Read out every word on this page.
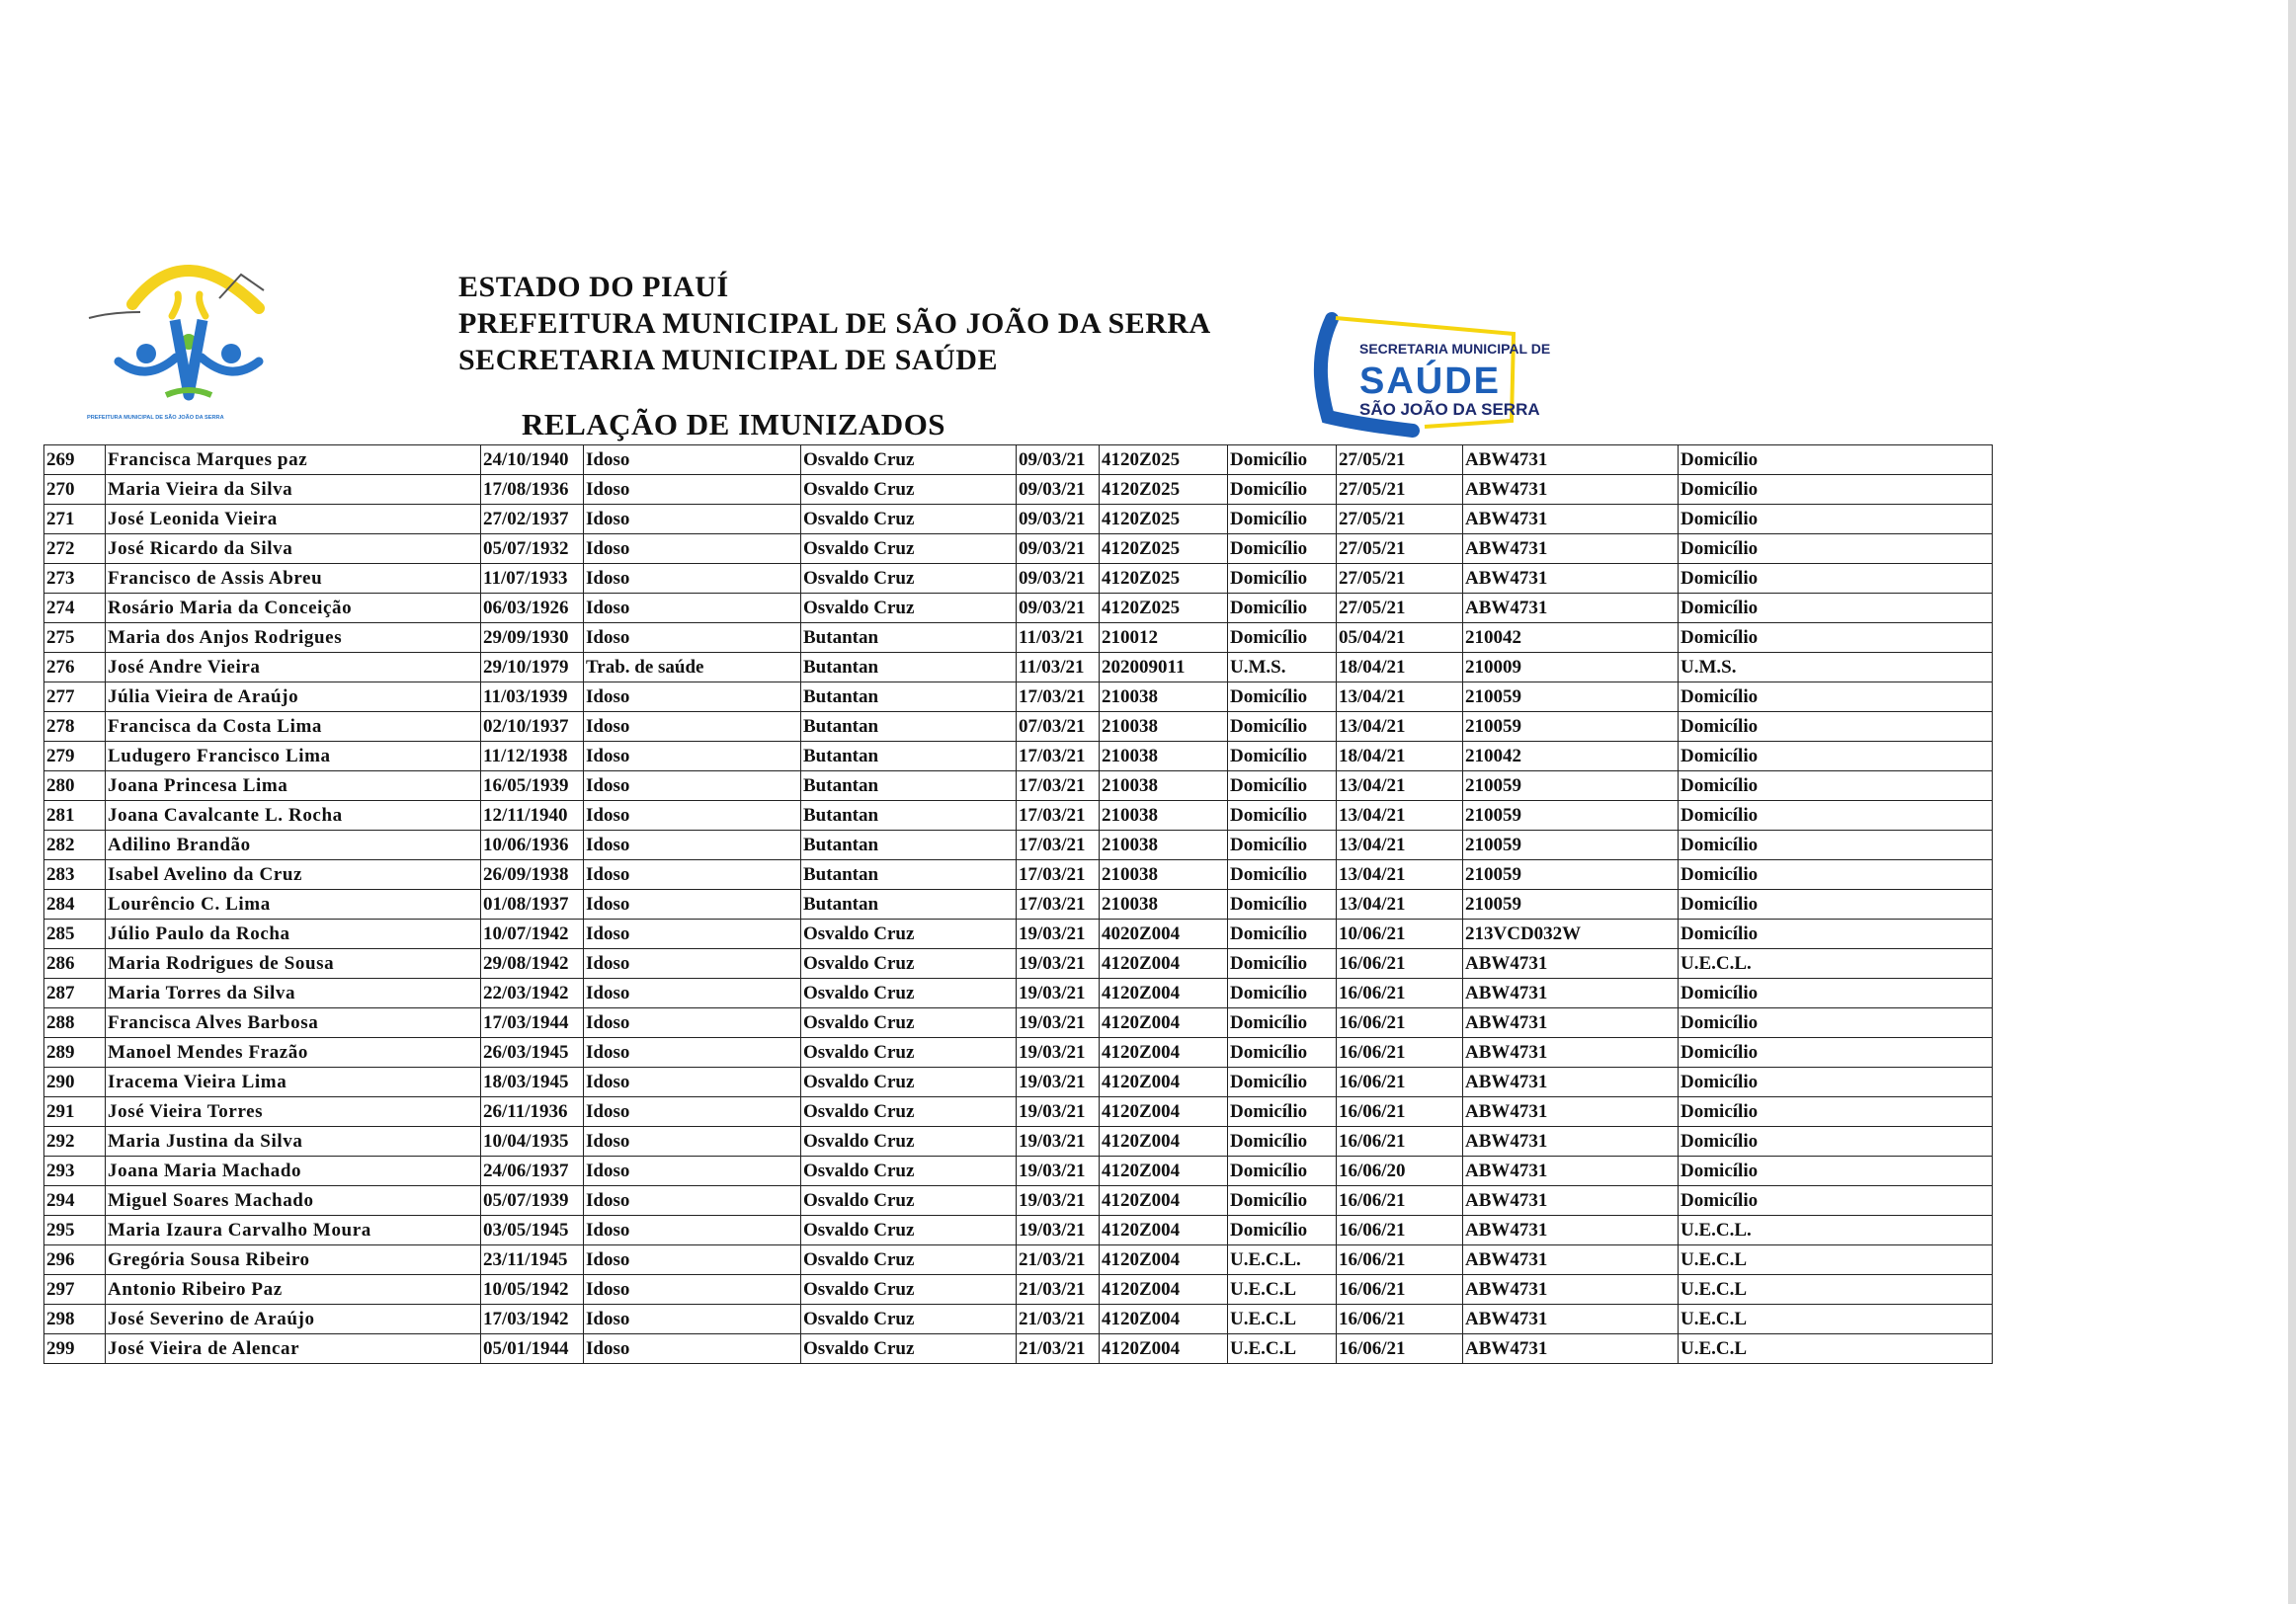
PREFEITURA MUNICIPAL DE SÃO JOÃO DA SERRA
ESTADO DO PIAUÍ
PREFEITURA MUNICIPAL DE SÃO JOÃO DA SERRA
SECRETARIA MUNICIPAL DE SAÚDE	SECRETARIA MUNICIPAL DE
SAÚDE
SÃO JOÃO DA SERRA
RELAÇÃO DE IMUNIZADOS
269	Francisca Marques paz	24/10/1940	Idoso	Osvaldo Cruz	09/03/21	4120Z025	Domicílio	27/05/21	ABW4731	Domicílio
270	Maria Vieira da Silva	17/08/1936	Idoso	Osvaldo Cruz	09/03/21	4120Z025	Domicílio	27/05/21	ABW4731	Domicílio
271	José Leonida Vieira	27/02/1937	Idoso	Osvaldo Cruz	09/03/21	4120Z025	Domicílio	27/05/21	ABW4731	Domicílio
272	José Ricardo da Silva	05/07/1932	Idoso	Osvaldo Cruz	09/03/21	4120Z025	Domicílio	27/05/21	ABW4731	Domicílio
273	Francisco de Assis Abreu	11/07/1933	Idoso	Osvaldo Cruz	09/03/21	4120Z025	Domicílio	27/05/21	ABW4731	Domicílio
274	Rosário Maria da Conceição	06/03/1926	Idoso	Osvaldo Cruz	09/03/21	4120Z025	Domicílio	27/05/21	ABW4731	Domicílio
275	Maria dos Anjos Rodrigues	29/09/1930	Idoso	Butantan	11/03/21	210012	Domicílio	05/04/21	210042	Domicílio
276	José Andre Vieira	29/10/1979	Trab. de saúde	Butantan	11/03/21	202009011	U.M.S.	18/04/21	210009	U.M.S.
277	Júlia Vieira de Araújo	11/03/1939	Idoso	Butantan	17/03/21	210038	Domicílio	13/04/21	210059	Domicílio
278	Francisca da Costa Lima	02/10/1937	Idoso	Butantan	07/03/21	210038	Domicílio	13/04/21	210059	Domicílio
279	Ludugero Francisco Lima	11/12/1938	Idoso	Butantan	17/03/21	210038	Domicílio	18/04/21	210042	Domicílio
280	Joana Princesa Lima	16/05/1939	Idoso	Butantan	17/03/21	210038	Domicílio	13/04/21	210059	Domicílio
281	Joana Cavalcante L. Rocha	12/11/1940	Idoso	Butantan	17/03/21	210038	Domicílio	13/04/21	210059	Domicílio
282	Adilino Brandão	10/06/1936	Idoso	Butantan	17/03/21	210038	Domicílio	13/04/21	210059	Domicílio
283	Isabel Avelino da Cruz	26/09/1938	Idoso	Butantan	17/03/21	210038	Domicílio	13/04/21	210059	Domicílio
284	Lourêncio C. Lima	01/08/1937	Idoso	Butantan	17/03/21	210038	Domicílio	13/04/21	210059	Domicílio
285	Júlio Paulo da Rocha	10/07/1942	Idoso	Osvaldo Cruz	19/03/21	4020Z004	Domicílio	10/06/21	213VCD032W	Domicílio
286	Maria Rodrigues de Sousa	29/08/1942	Idoso	Osvaldo Cruz	19/03/21	4120Z004	Domicílio	16/06/21	ABW4731	U.E.C.L.
287	Maria Torres da Silva	22/03/1942	Idoso	Osvaldo Cruz	19/03/21	4120Z004	Domicílio	16/06/21	ABW4731	Domicílio
288	Francisca Alves Barbosa	17/03/1944	Idoso	Osvaldo Cruz	19/03/21	4120Z004	Domicílio	16/06/21	ABW4731	Domicílio
289	Manoel Mendes Frazão	26/03/1945	Idoso	Osvaldo Cruz	19/03/21	4120Z004	Domicílio	16/06/21	ABW4731	Domicílio
290	Iracema Vieira Lima	18/03/1945	Idoso	Osvaldo Cruz	19/03/21	4120Z004	Domicílio	16/06/21	ABW4731	Domicílio
291	José Vieira Torres	26/11/1936	Idoso	Osvaldo Cruz	19/03/21	4120Z004	Domicílio	16/06/21	ABW4731	Domicílio
292	Maria Justina da Silva	10/04/1935	Idoso	Osvaldo Cruz	19/03/21	4120Z004	Domicílio	16/06/21	ABW4731	Domicílio
293	Joana Maria Machado	24/06/1937	Idoso	Osvaldo Cruz	19/03/21	4120Z004	Domicílio	16/06/20	ABW4731	Domicílio
294	Miguel Soares Machado	05/07/1939	Idoso	Osvaldo Cruz	19/03/21	4120Z004	Domicílio	16/06/21	ABW4731	Domicílio
295	Maria Izaura Carvalho Moura	03/05/1945	Idoso	Osvaldo Cruz	19/03/21	4120Z004	Domicílio	16/06/21	ABW4731	U.E.C.L.
296	Gregória Sousa Ribeiro	23/11/1945	Idoso	Osvaldo Cruz	21/03/21	4120Z004	U.E.C.L.	16/06/21	ABW4731	U.E.C.L
297	Antonio Ribeiro Paz	10/05/1942	Idoso	Osvaldo Cruz	21/03/21	4120Z004	U.E.C.L	16/06/21	ABW4731	U.E.C.L
298	José Severino de Araújo	17/03/1942	Idoso	Osvaldo Cruz	21/03/21	4120Z004	U.E.C.L	16/06/21	ABW4731	U.E.C.L
299	José Vieira de Alencar	05/01/1944	Idoso	Osvaldo Cruz	21/03/21	4120Z004	U.E.C.L	16/06/21	ABW4731	U.E.C.L
